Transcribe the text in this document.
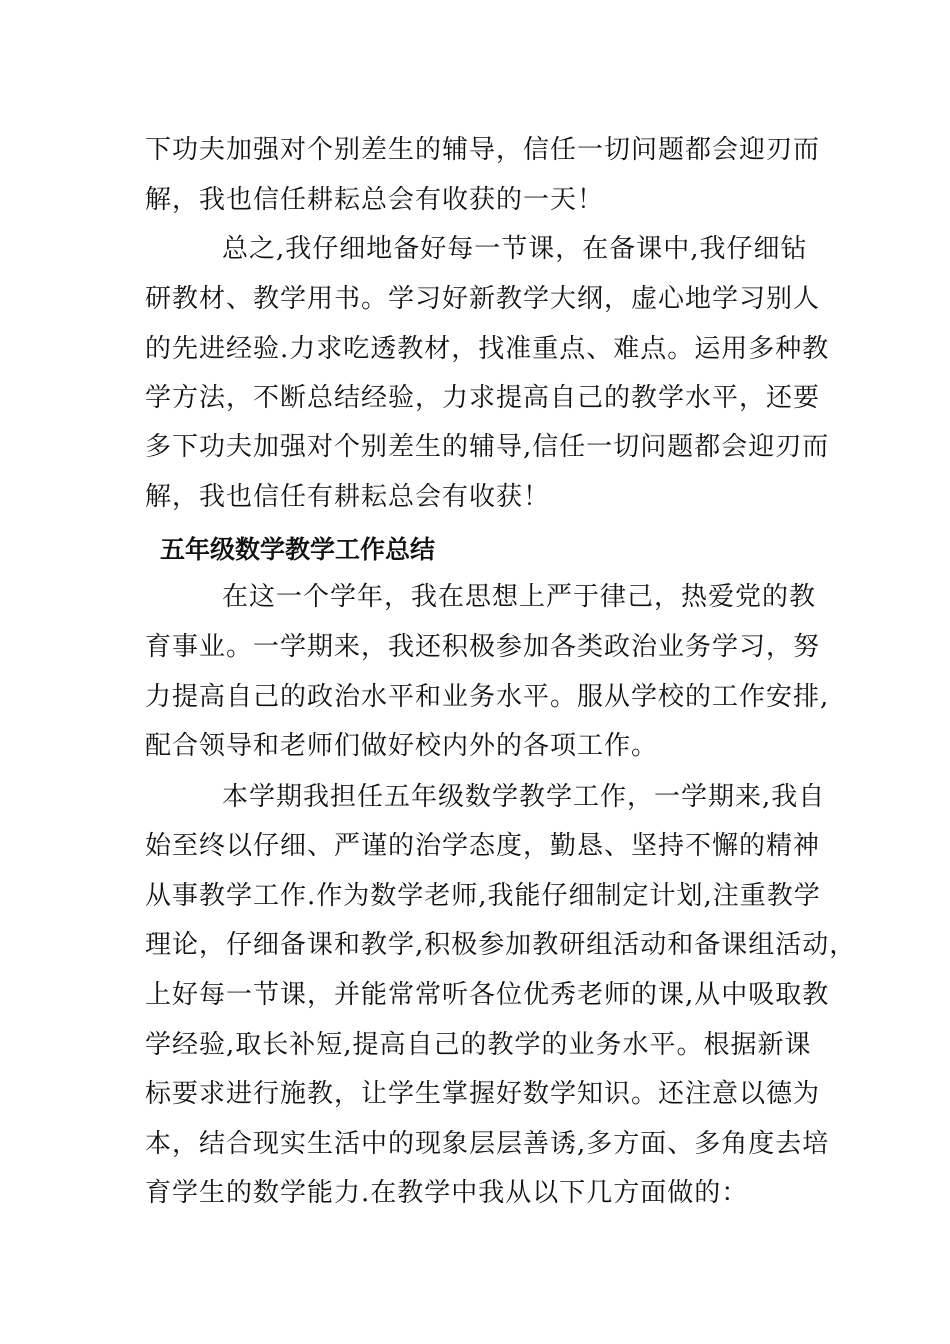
下功夫加强对个别差生的辅导，信任一切问题都会迎刃而

解，我也信任耕耘总会有收获的一天！

总之,我仔细地备好每一节课，在备课中,我仔细钻

研教材、教学用书。学习好新教学大纲，虚心地学习别人

的先进经验.力求吃透教材，找准重点、难点。运用多种教

学方法，不断总结经验，力求提高自己的教学水平，还要

多下功夫加强对个别差生的辅导,信任一切问题都会迎刃而

解，我也信任有耕耘总会有收获！

五年级数学教学工作总结

在这一个学年，我在思想上严于律己，热爱党的教

育事业。一学期来，我还积极参加各类政治业务学习，努

力提高自己的政治水平和业务水平。服从学校的工作安排,

配合领导和老师们做好校内外的各项工作。

本学期我担任五年级数学教学工作，一学期来,我自

始至终以仔细、严谨的治学态度，勤恳、坚持不懈的精神

从事教学工作.作为数学老师,我能仔细制定计划,注重教学

理论，仔细备课和教学,积极参加教研组活动和备课组活动，

上好每一节课，并能常常听各位优秀老师的课,从中吸取教

学经验,取长补短,提高自己的教学的业务水平。根据新课

标要求进行施教，让学生掌握好数学知识。还注意以德为

本，结合现实生活中的现象层层善诱,多方面、多角度去培

育学生的数学能力.在教学中我从以下几方面做的：
